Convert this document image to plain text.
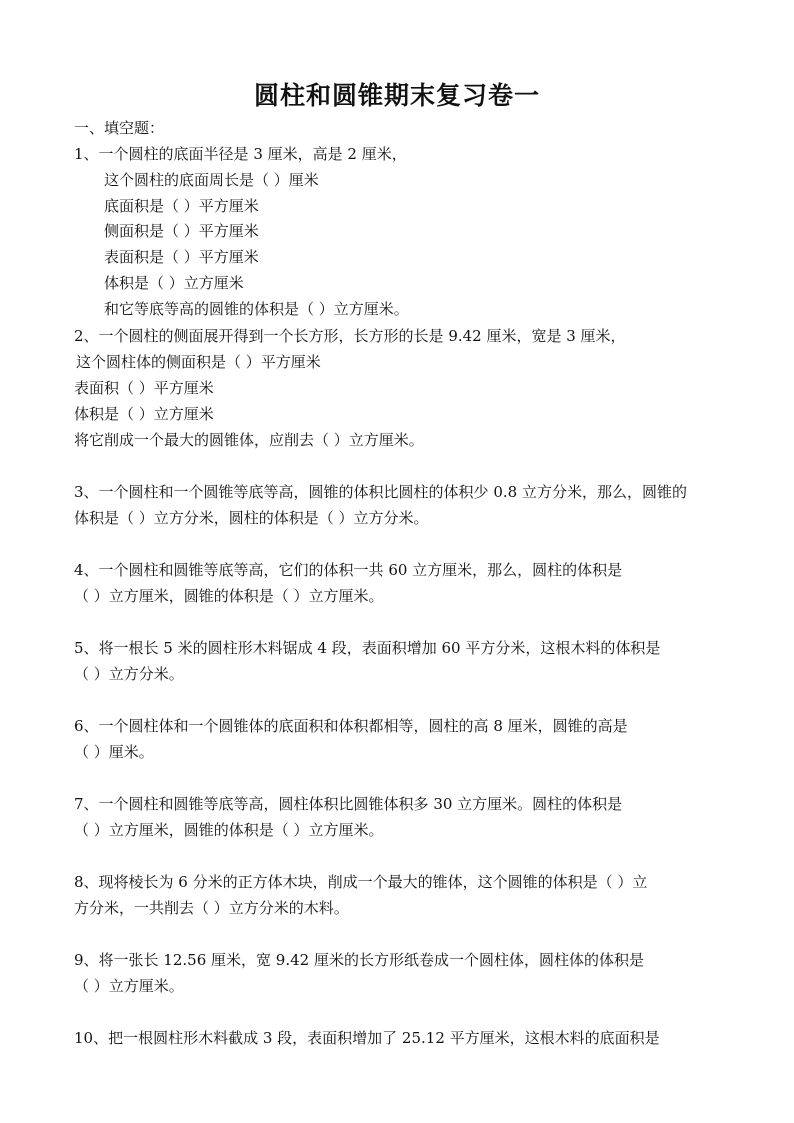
圆柱和圆锥期末复习卷一
一、填空题：
1、一个圆柱的底面半径是 3 厘米，高是 2 厘米，
这个圆柱的底面周长是（ ）厘米
底面积是（ ）平方厘米
侧面积是（ ）平方厘米
表面积是（ ）平方厘米
体积是（ ）立方厘米
和它等底等高的圆锥的体积是（ ）立方厘米。
2、一个圆柱的侧面展开得到一个长方形，长方形的长是 9.42 厘米，宽是 3 厘米，
这个圆柱体的侧面积是（ ）平方厘米
表面积（ ）平方厘米
体积是（ ）立方厘米
将它削成一个最大的圆锥体，应削去（ ）立方厘米。
3、一个圆柱和一个圆锥等底等高，圆锥的体积比圆柱的体积少 0.8 立方分米，那么，圆锥的
体积是（ ）立方分米，圆柱的体积是（ ）立方分米。
4、一个圆柱和圆锥等底等高，它们的体积一共 60 立方厘米，那么，圆柱的体积是
（ ）立方厘米，圆锥的体积是（ ）立方厘米。
5、将一根长 5 米的圆柱形木料锯成 4 段，表面积增加 60 平方分米，这根木料的体积是
（ ）立方分米。
6、一个圆柱体和一个圆锥体的底面积和体积都相等，圆柱的高 8 厘米，圆锥的高是
（ ）厘米。
7、一个圆柱和圆锥等底等高，圆柱体积比圆锥体积多 30 立方厘米。圆柱的体积是
（ ）立方厘米，圆锥的体积是（ ）立方厘米。
8、现将棱长为 6 分米的正方体木块，削成一个最大的锥体，这个圆锥的体积是（ ）立
方分米，一共削去（ ）立方分米的木料。
9、将一张长 12.56 厘米，宽 9.42 厘米的长方形纸卷成一个圆柱体，圆柱体的体积是
（ ）立方厘米。
10、把一根圆柱形木料截成 3 段，表面积增加了 25.12 平方厘米，这根木料的底面积是
